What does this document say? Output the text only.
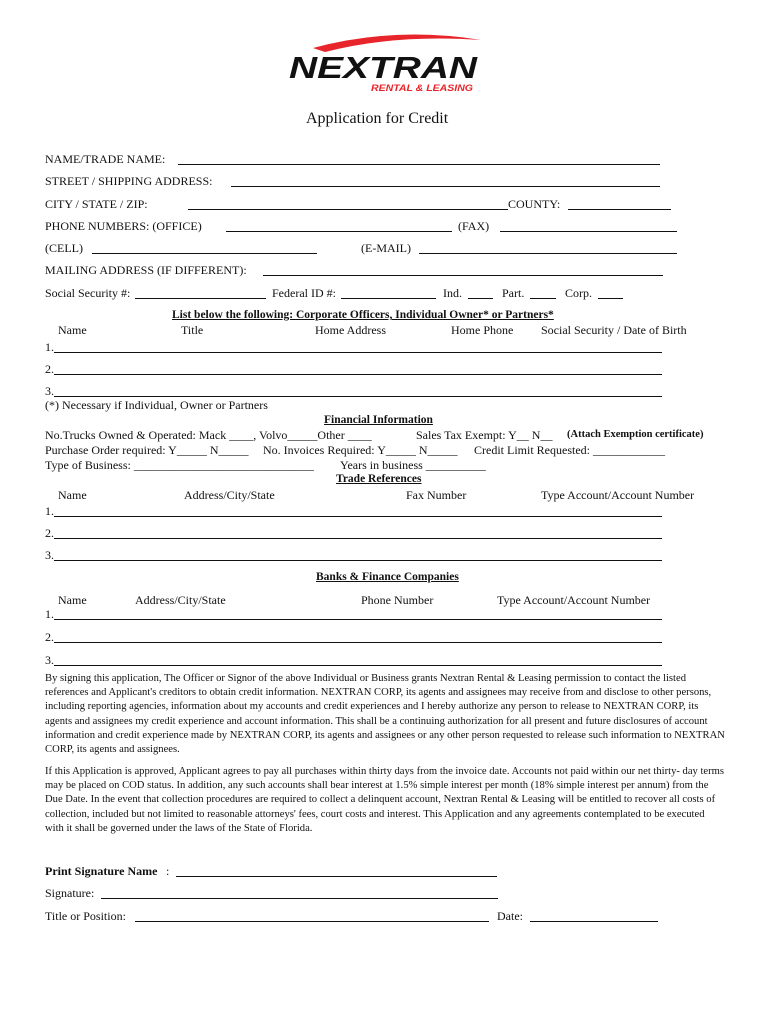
NEXTRAN
RENTAL & LEASING
Application for Credit
NAME/TRADE NAME:
STREET / SHIPPING ADDRESS:
CITY / STATE / ZIP:	COUNTY:
PHONE NUMBERS: (OFFICE)	(FAX)
(CELL)	(E-MAIL)
MAILING ADDRESS (IF DIFFERENT):
Social Security #:	Federal ID #:	Ind.	Part.	Corp.
List below the following: Corporate Officers, Individual Owner* or Partners*
Name	Title	Home Address	Home Phone Social Security / Date of Birth
1.
2.
3.
(*) Necessary if Individual, Owner or Partners
Financial Information
No.Trucks Owned & Operated: Mack ____, Volvo_____Other ____	Sales Tax Exempt: Y__ N__ (Attach Exemption certificate)
Purchase Order required: Y_____ N_____ No. Invoices Required: Y_____ N_____ Credit Limit Requested: ____________
Type of Business: ______________________________ Years in business __________
Trade References
Name	Address/City/State	Fax Number	Type Account/Account Number
1.
2.
3.
Banks & Finance Companies
Name	Address/City/State	Phone Number	Type Account/Account Number
1.
2.
3.
By signing this application, The Officer or Signor of the above Individual or Business grants Nextran Rental & Leasing permission to contact the listed references and Applicant's creditors to obtain credit information. NEXTRAN CORP, its agents and assignees may receive from and disclose to other persons, including reporting agencies, information about my accounts and credit experiences and I hereby authorize any person to release to NEXTRAN CORP, its agents and assignees my credit experience and account information. This shall be a continuing authorization for all present and future disclosures of account information and credit experience made by NEXTRAN CORP, its agents and assignees or any other person requested to release such information to NEXTRAN CORP, its agents and assignees.
If this Application is approved, Applicant agrees to pay all purchases within thirty days from the invoice date. Accounts not paid within our net thirty- day terms may be placed on COD status. In addition, any such accounts shall bear interest at 1.5% simple interest per month (18% simple interest per annum) from the Due Date. In the event that collection procedures are required to collect a delinquent account, Nextran Rental & Leasing will be entitled to recover all costs of collection, included but not limited to reasonable attorneys' fees, court costs and interest. This Application and any agreements contemplated to be executed with it shall be governed under the laws of the State of Florida.
Print Signature Name :
Signature:
Title or Position:	Date:
